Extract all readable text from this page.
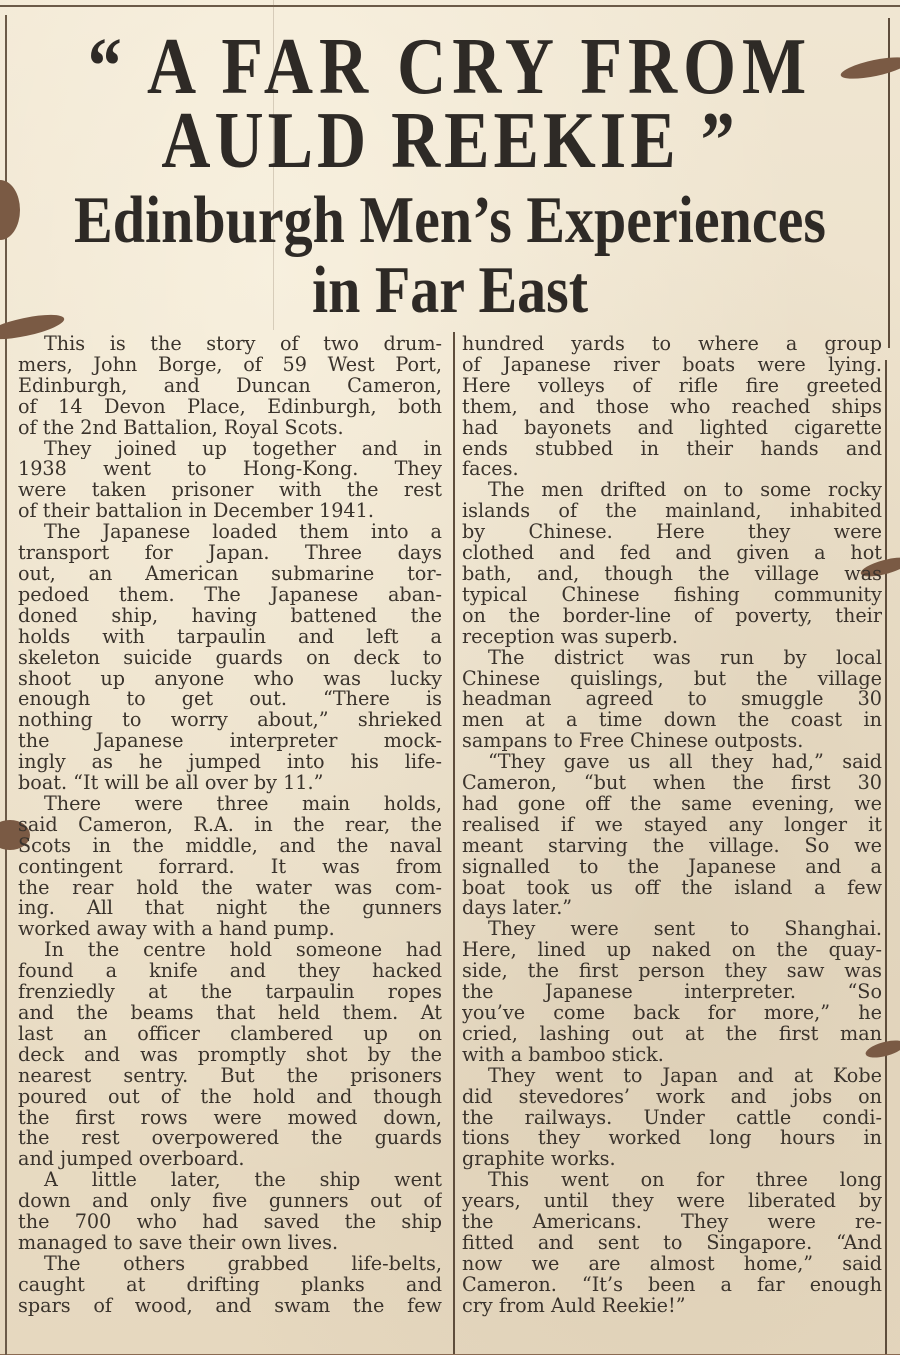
“ A FAR CRY FROM
AULD REEKIE ”
Edinburgh Men’s Experiences
in Far East
This is the story of two drum-
mers, John Borge, of 59 West Port,
Edinburgh, and Duncan Cameron,
of 14 Devon Place, Edinburgh, both
of the 2nd Battalion, Royal Scots.
They joined up together and in
1938 went to Hong-Kong. They
were taken prisoner with the rest
of their battalion in December 1941.
The Japanese loaded them into a
transport for Japan. Three days
out, an American submarine tor-
pedoed them. The Japanese aban-
doned ship, having battened the
holds with tarpaulin and left a
skeleton suicide guards on deck to
shoot up anyone who was lucky
enough to get out. “There is
nothing to worry about,” shrieked
the Japanese interpreter mock-
ingly as he jumped into his life-
boat. “It will be all over by 11.”
There were three main holds,
said Cameron, R.A. in the rear, the
Scots in the middle, and the naval
contingent forrard. It was from
the rear hold the water was com-
ing. All that night the gunners
worked away with a hand pump.
In the centre hold someone had
found a knife and they hacked
frenziedly at the tarpaulin ropes
and the beams that held them. At
last an officer clambered up on
deck and was promptly shot by the
nearest sentry. But the prisoners
poured out of the hold and though
the first rows were mowed down,
the rest overpowered the guards
and jumped overboard.
A little later, the ship went
down and only five gunners out of
the 700 who had saved the ship
managed to save their own lives.
The others grabbed life-belts,
caught at drifting planks and
spars of wood, and swam the few
hundred yards to where a group
of Japanese river boats were lying.
Here volleys of rifle fire greeted
them, and those who reached ships
had bayonets and lighted cigarette
ends stubbed in their hands and
faces.
The men drifted on to some rocky
islands of the mainland, inhabited
by Chinese. Here they were
clothed and fed and given a hot
bath, and, though the village was
typical Chinese fishing community
on the border-line of poverty, their
reception was superb.
The district was run by local
Chinese quislings, but the village
headman agreed to smuggle 30
men at a time down the coast in
sampans to Free Chinese outposts.
“They gave us all they had,” said
Cameron, “but when the first 30
had gone off the same evening, we
realised if we stayed any longer it
meant starving the village. So we
signalled to the Japanese and a
boat took us off the island a few
days later.”
They were sent to Shanghai.
Here, lined up naked on the quay-
side, the first person they saw was
the Japanese interpreter. “So
you’ve come back for more,” he
cried, lashing out at the first man
with a bamboo stick.
They went to Japan and at Kobe
did stevedores’ work and jobs on
the railways. Under cattle condi-
tions they worked long hours in
graphite works.
This went on for three long
years, until they were liberated by
the Americans. They were re-
fitted and sent to Singapore. “And
now we are almost home,” said
Cameron. “It’s been a far enough
cry from Auld Reekie!”
